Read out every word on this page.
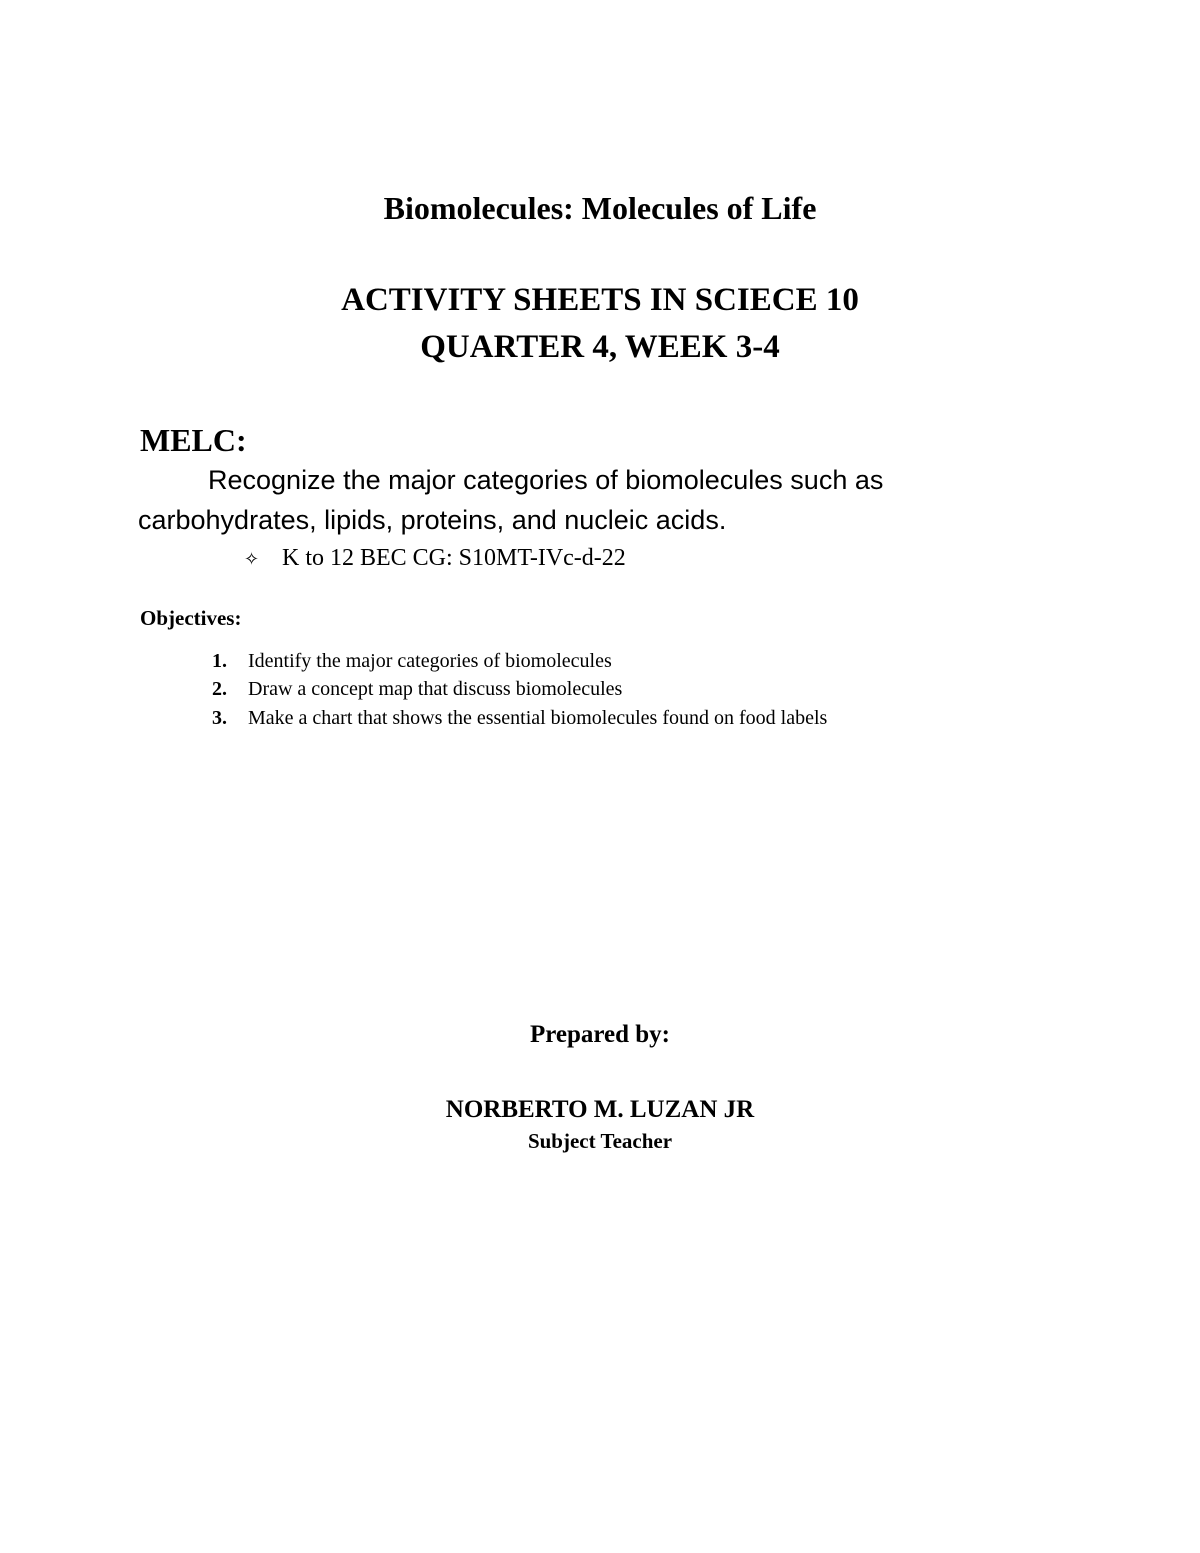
Biomolecules: Molecules of Life
ACTIVITY SHEETS IN SCIECE 10
QUARTER 4, WEEK 3-4
MELC:

Recognize the major categories of biomolecules such as

carbohydrates, lipids, proteins, and nucleic acids.

✧ K to 12 BEC CG: S10MT-IVc-d-22
Objectives:
1. Identify the major categories of biomolecules
2. Draw a concept map that discuss biomolecules
3. Make a chart that shows the essential biomolecules found on food labels

Prepared by:

NORBERTO M. LUZAN JR

Subject Teacher
